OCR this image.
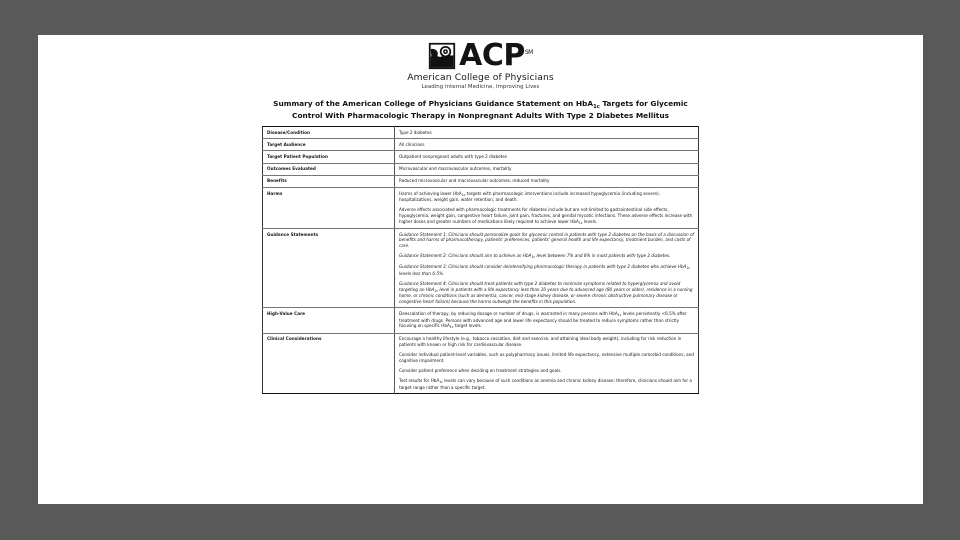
ACP℠
American College of Physicians
Leading Internal Medicine, Improving Lives
Summary of the American College of Physicians Guidance Statement on HbA$_{1c}$ Targets for Glycemic
Control With Pharmacologic Therapy in Nonpregnant Adults With Type 2 Diabetes Mellitus
Disease/Condition	Type 2 diabetes

Target Audience	All clinicians

Target Patient Population	Outpatient nonpregnant adults with type 2 diabetes

Outcomes Evaluated	Microvascular and macrovascular outcomes, mortality

Benefits	Reduced microvascular and macrovascular outcomes, reduced mortality

Harms	Harms of achieving lower HbA$_{1c}$ targets with pharmacologic interventions include increased hypoglycemia (including severe), hospitalizations, weight gain, water retention, and death.
Adverse effects associated with pharmacologic treatments for diabetes include but are not limited to gastrointestinal side effects, hypoglycemia, weight gain, congestive heart failure, joint pain, fractures, and genital mycotic infections. These adverse effects increase with higher doses and greater numbers of medications likely required to achieve lower HbA$_{1c}$ levels.

Guidance Statements	Guidance Statement 1: Clinicians should personalize goals for glycemic control in patients with type 2 diabetes on the basis of a discussion of benefits and harms of pharmacotherapy, patients' preferences, patients' general health and life expectancy, treatment burden, and costs of care.
Guidance Statement 2: Clinicians should aim to achieve an HbA$_{1c}$ level between 7% and 8% in most patients with type 2 diabetes.
Guidance Statement 3: Clinicians should consider deintensifying pharmacologic therapy in patients with type 2 diabetes who achieve HbA$_{1c}$ levels less than 6.5%.
Guidance Statement 4: Clinicians should treat patients with type 2 diabetes to minimize symptoms related to hyperglycemia and avoid targeting an HbA$_{1c}$ level in patients with a life expectancy less than 10 years due to advanced age (80 years or older), residence in a nursing home, or chronic conditions (such as dementia, cancer, end-stage kidney disease, or severe chronic obstructive pulmonary disease or congestive heart failure) because the harms outweigh the benefits in this population.

High-Value Care	Deescalation of therapy, by reducing dosage or number of drugs, is warranted in many persons with HbA$_{1c}$ levels persistently <6.5% after treatment with drugs. Persons with advanced age and lower life expectancy should be treated to reduce symptoms rather than strictly focusing on specific HbA$_{1c}$ target levels.

Clinical Considerations	Encourage a healthy lifestyle (e.g., tobacco cessation, diet and exercise, and attaining ideal body weight), including for risk reduction in patients with known or high risk for cardiovascular disease.
Consider individual patient-level variables, such as polypharmacy issues, limited life expectancy, extensive multiple comorbid conditions, and cognitive impairment.
Consider patient preference when deciding on treatment strategies and goals.
Test results for HbA$_{1c}$ levels can vary because of such conditions as anemia and chronic kidney disease; therefore, clinicians should aim for a target range rather than a specific target.
